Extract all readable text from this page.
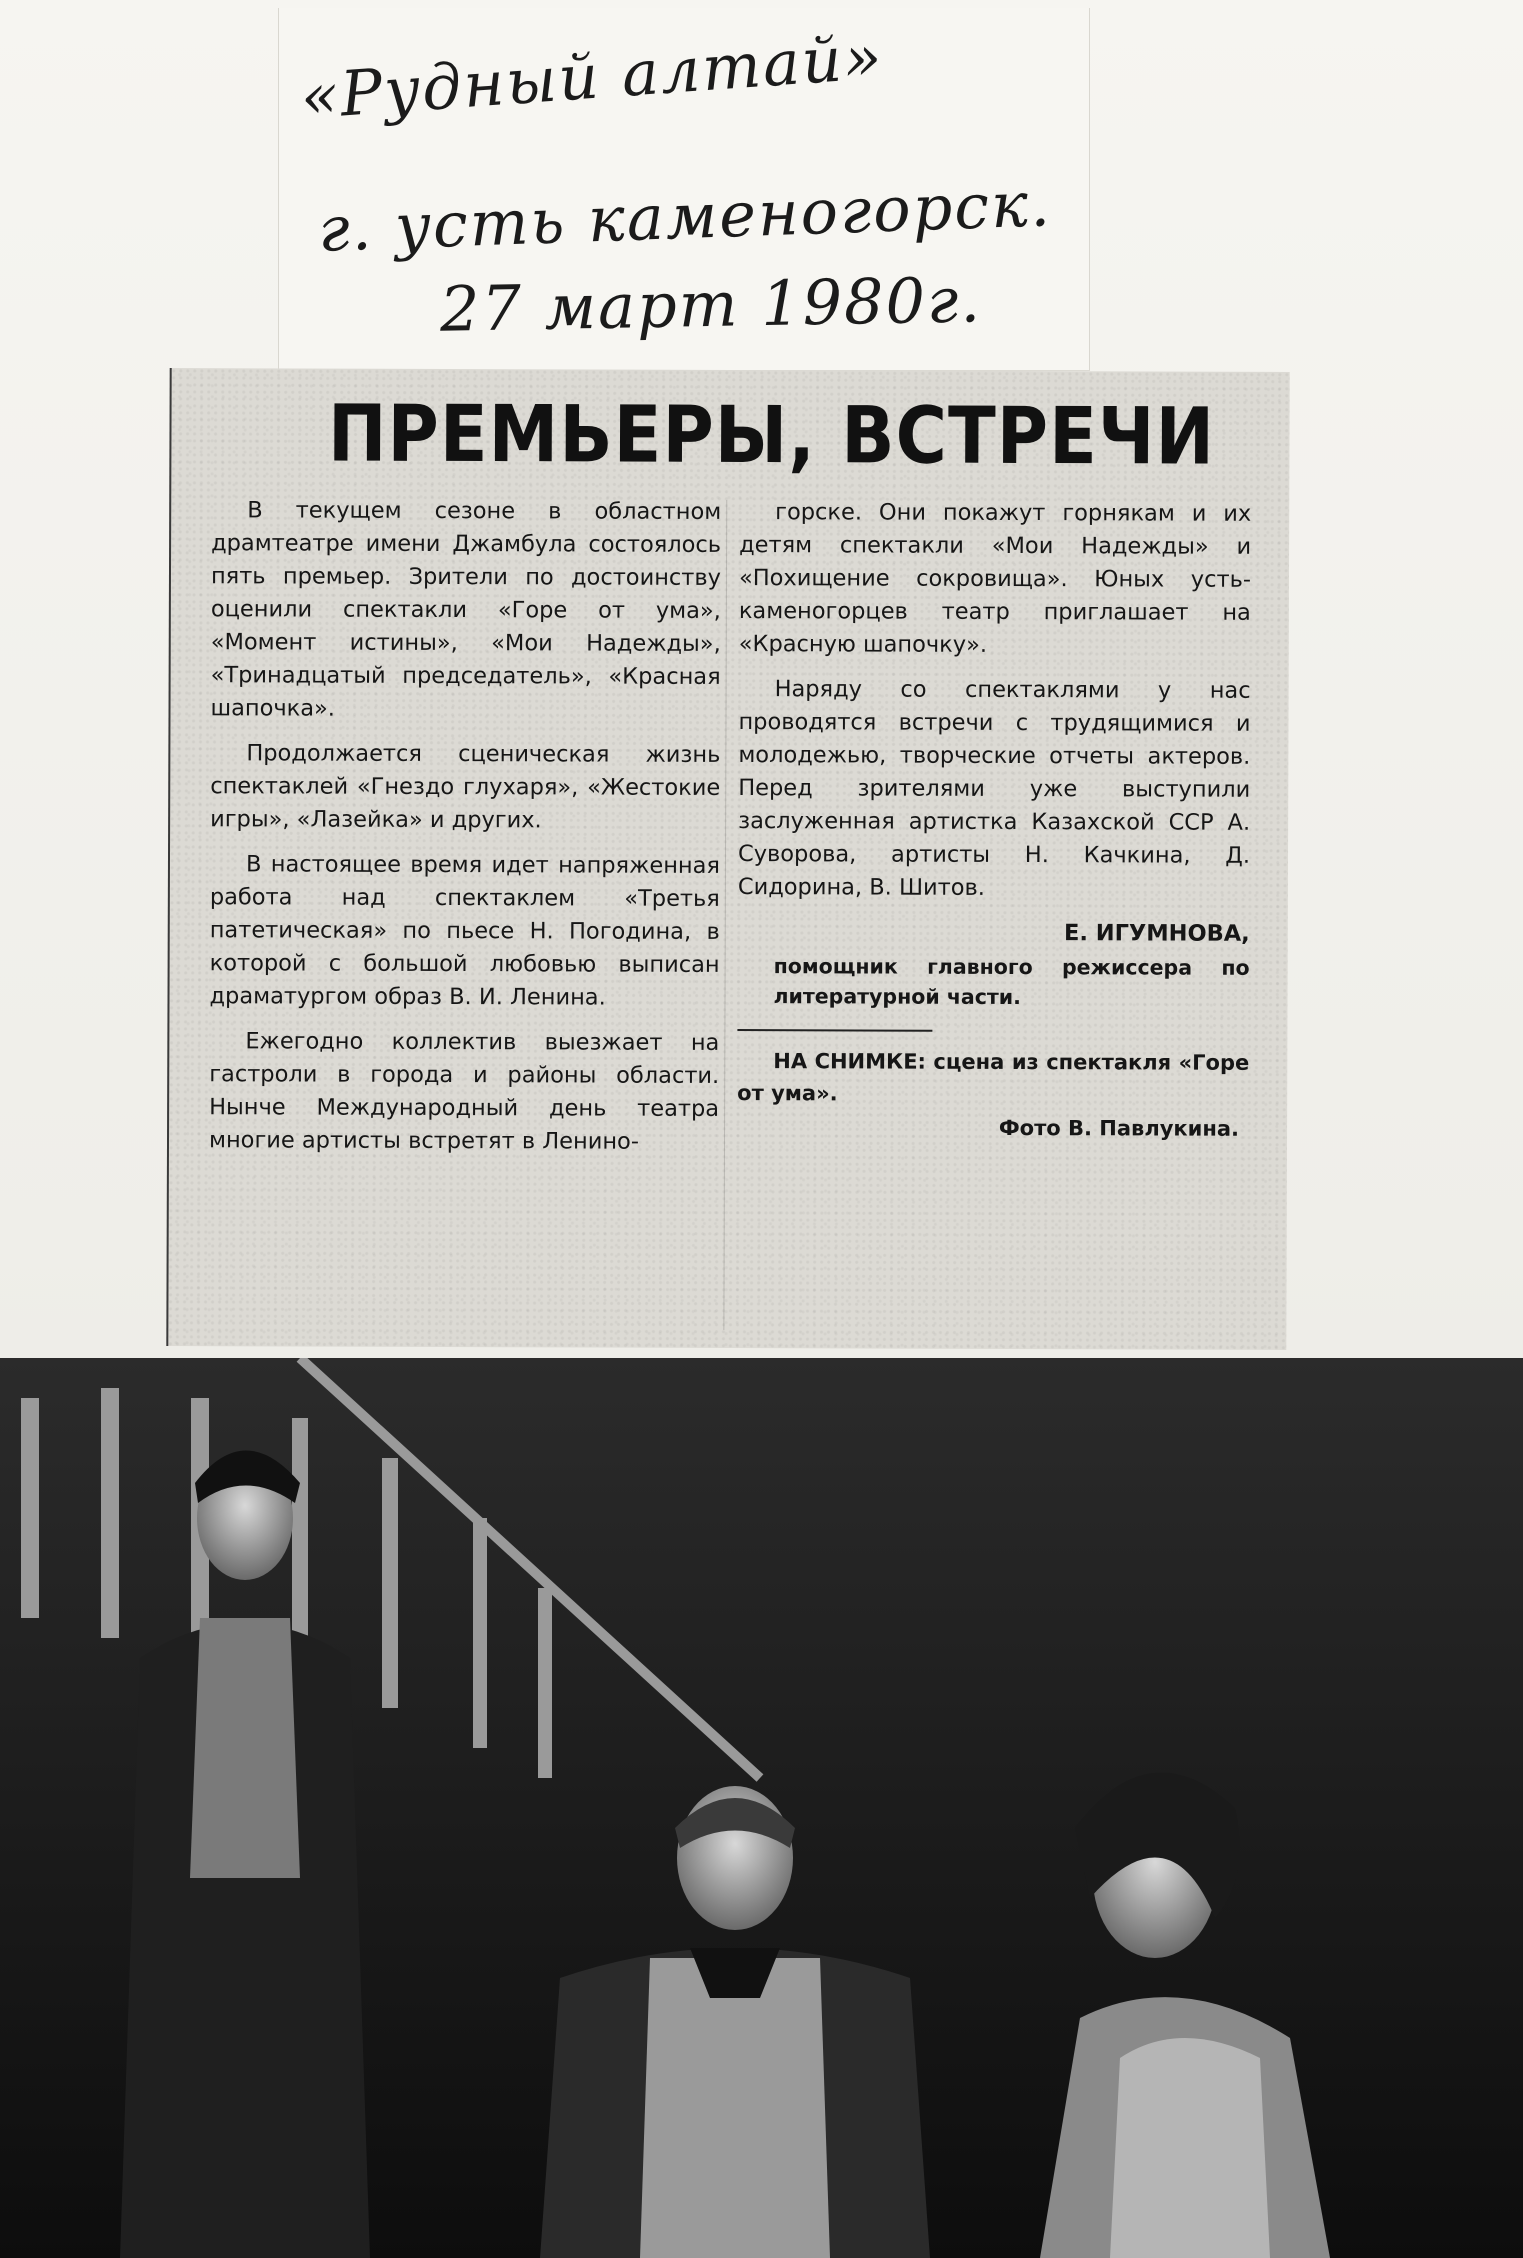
«Рудный алтай»
г. усть каменогорск.
27 март 1980г.
ПРЕМЬЕРЫ, ВСТРЕЧИ

В текущем сезоне в областном драмтеатре имени Джамбула состоялось пять премьер. Зрители по достоинству оценили спектакли «Горе от ума», «Момент истины», «Мои Надежды», «Тринадцатый председатель», «Красная шапочка».

Продолжается сценическая жизнь спектаклей «Гнездо глухаря», «Жестокие игры», «Лазейка» и других.

В настоящее время идет напряженная работа над спектаклем «Третья патетическая» по пьесе Н. Погодина, в которой с большой любовью выписан драматургом образ В. И. Ленина.

Ежегодно коллектив выезжает на гастроли в города и районы области. Нынче Международный день театра многие артисты встретят в Ленино-

горске. Они покажут горнякам и их детям спектакли «Мои Надежды» и «Похищение сокровища». Юных усть-каменогорцев театр приглашает на «Красную шапочку».

Наряду со спектаклями у нас проводятся встречи с трудящимися и молодежью, творческие отчеты актеров. Перед зрителями уже выступили заслуженная артистка Казахской ССР А. Суворова, артисты Н. Качкина, Д. Сидорина, В. Шитов.

Е. ИГУМНОВА,

помощник главного режиссера по литературной части.

НА СНИМКЕ: сцена из спектакля «Горе от ума».

Фото В. Павлукина.
